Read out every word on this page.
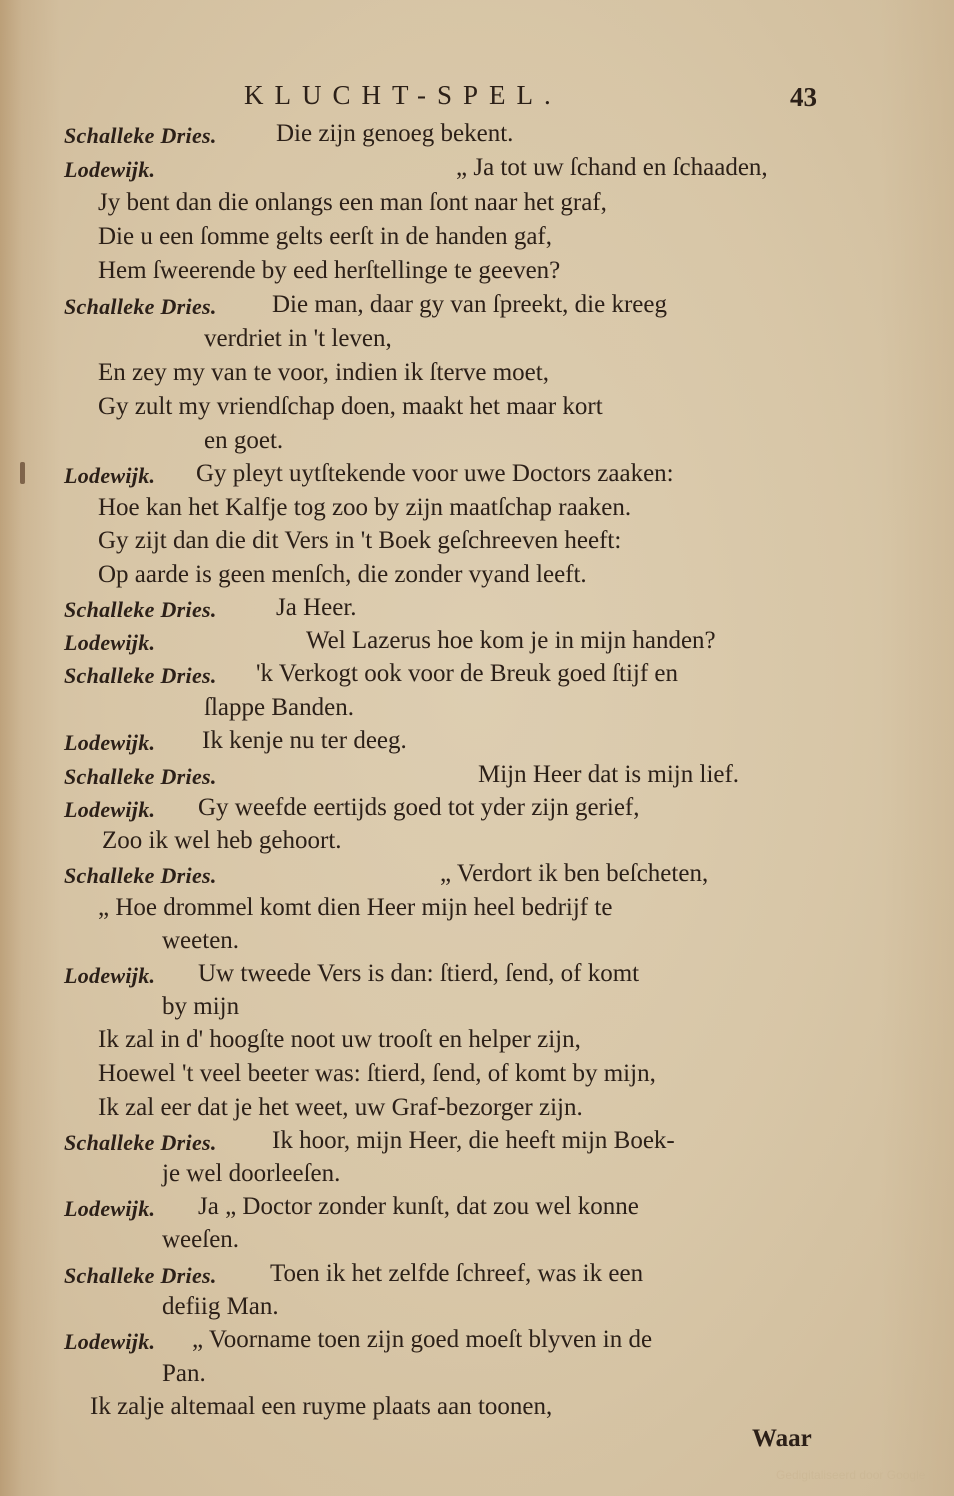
KLUCHT-SPEL.	43
Schalleke Dries. Die zijn genoeg bekent.
Lodewijk.	„ Ja tot uw ſchand en ſchaaden,
Jy bent dan die onlangs een man ſont naar het graf,
Die u een ſomme gelts eerſt in de handen gaf,
Hem ſweerende by eed herſtellinge te geeven?
Schalleke Dries. Die man, daar gy van ſpreekt, die kreeg
verdriet in 't leven,
En zey my van te voor, indien ik ſterve moet,
Gy zult my vriendſchap doen, maakt het maar kort
en goet.
Lodewijk. Gy pleyt uytſtekende voor uwe Doctors zaaken:
Hoe kan het Kalfje tog zoo by zijn maatſchap raaken.
Gy zijt dan die dit Vers in 't Boek geſchreeven heeft:
Op aarde is geen menſch, die zonder vyand leeft.
Schalleke Dries. Ja Heer.
Lodewijk.	Wel Lazerus hoe kom je in mijn handen?
Schalleke Dries. 'k Verkogt ook voor de Breuk goed ſtijf en
ſlappe Banden.
Lodewijk. Ik kenje nu ter deeg.
Schalleke Dries.	Mijn Heer dat is mijn lief.
Lodewijk. Gy weefde eertijds goed tot yder zijn gerief,
Zoo ik wel heb gehoort.
Schalleke Dries.	„ Verdort ik ben beſcheten,
„ Hoe drommel komt dien Heer mijn heel bedrijf te
weeten.
Lodewijk. Uw tweede Vers is dan: ſtierd, ſend, of komt
by mijn
Ik zal in d' hoogſte noot uw trooſt en helper zijn,
Hoewel 't veel beeter was: ſtierd, ſend, of komt by mijn,
Ik zal eer dat je het weet, uw Graf-bezorger zijn.
Schalleke Dries. Ik hoor, mijn Heer, die heeft mijn Boek-
je wel doorleeſen.
Lodewijk. Ja „ Doctor zonder kunſt, dat zou wel konne
weeſen.
Schalleke Dries. Toen ik het zelfde ſchreef, was ik een
defiig Man.
Lodewijk. „ Voorname toen zijn goed moeſt blyven in de
Pan.
Ik zalje altemaal een ruyme plaats aan toonen,
Waar
Gedigitaliseerd door Google
